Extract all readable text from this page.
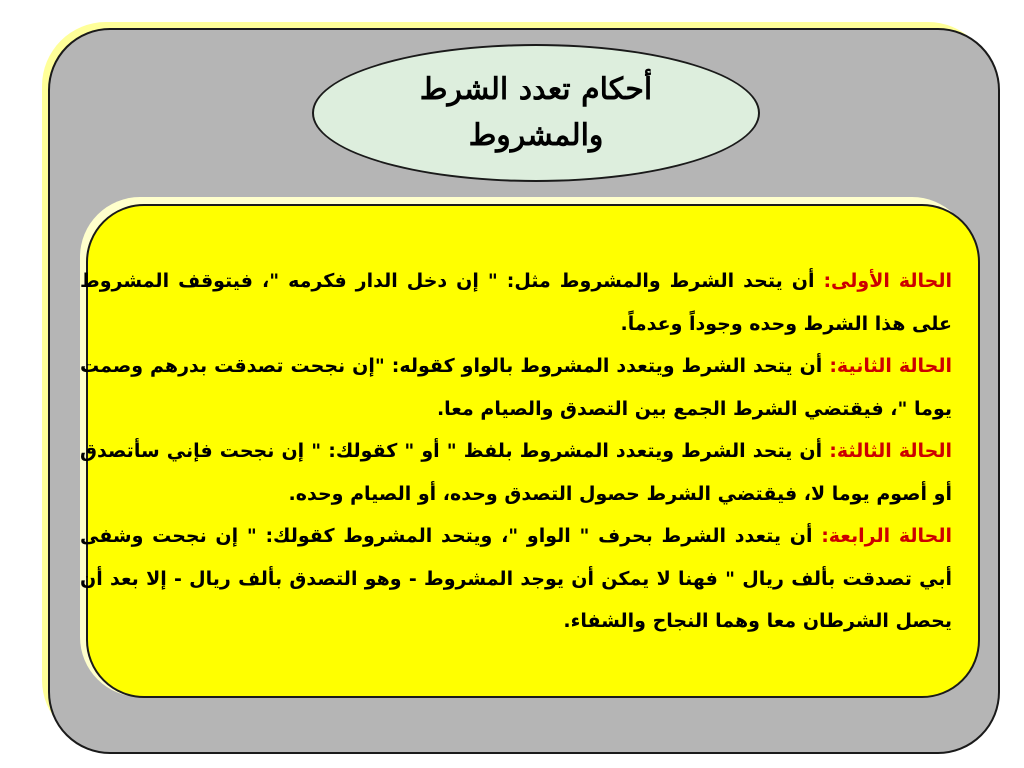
أحكام تعدد الشرط
والمشروط

الحالة الأولى: أن يتحد الشرط والمشروط مثل: " إن دخل الدار فكرمه "، فيتوقف المشروط على هذا الشرط وحده وجوداً وعدماً.

الحالة الثانية: أن يتحد الشرط ويتعدد المشروط بالواو كقوله: "إن نجحت تصدقت بدرهم وصمت يوما "، فيقتضي الشرط الجمع بين التصدق والصيام معا.

الحالة الثالثة: أن يتحد الشرط ويتعدد المشروط بلفظ " أو " كقولك: " إن نجحت فإني سأتصدق أو أصوم يوما لا، فيقتضي الشرط حصول التصدق وحده، أو الصيام وحده.

الحالة الرابعة: أن يتعدد الشرط بحرف " الواو "، ويتحد المشروط كقولك: " إن نجحت وشفى أبي تصدقت بألف ريال " فهنا لا يمكن أن يوجد المشروط - وهو التصدق بألف ريال - إلا بعد أن يحصل الشرطان معا وهما النجاح والشفاء.
